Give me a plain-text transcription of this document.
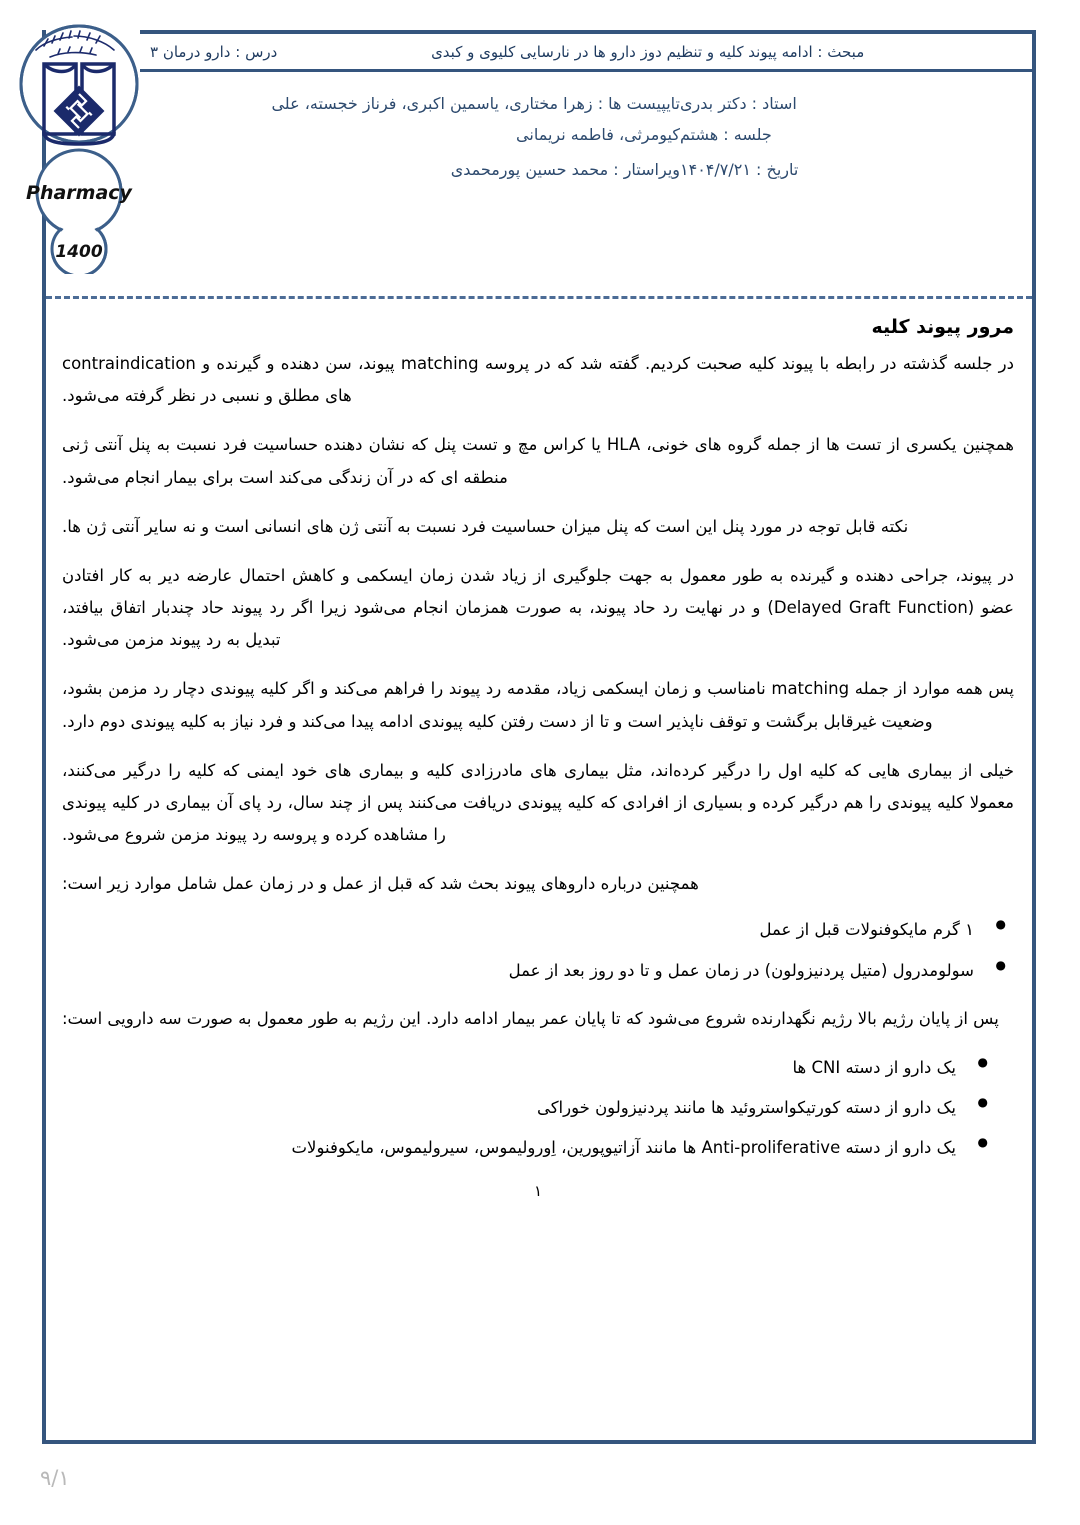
مبحث : ادامه پیوند کلیه و تنظیم دوز دارو ها در نارسایی کلیوی و کبدی
درس : دارو درمان ۳
استاد : دکتر بدری
تایپیست ها : زهرا مختاری، یاسمین اکبری، فرناز خجسته، علی
جلسه : هشتم
کیومرثی، فاطمه نریمانی
تاریخ : ۱۴۰۴/۷/۲۱
ویراستار : محمد حسین پورمحمدی
Pharmacy
1400
مرور پیوند کلیه

در جلسه گذشته در رابطه با پیوند کلیه صحبت کردیم. گفته شد که در پروسه matching پیوند، سن دهنده و گیرنده و contraindication های مطلق و نسبی در نظر گرفته می‌شود.

همچنین یکسری از تست ها از جمله گروه های خونی، HLA یا کراس مچ و تست پنل که نشان دهنده حساسیت فرد نسبت به پنل آنتی ژنی منطقه ای که در آن زندگی می‌کند است برای بیمار انجام می‌شود.

نکته قابل توجه در مورد پنل این است که پنل میزان حساسیت فرد نسبت به آنتی ژن های انسانی است و نه سایر آنتی ژن ها.

در پیوند، جراحی دهنده و گیرنده به طور معمول به جهت جلوگیری از زیاد شدن زمان ایسکمی و کاهش احتمال عارضه دیر به کار افتادن عضو (Delayed Graft Function) و در نهایت رد حاد پیوند، به صورت همزمان انجام می‌شود زیرا اگر رد پیوند حاد چندبار اتفاق بیافتد، تبدیل به رد پیوند مزمن می‌شود.

پس همه موارد از جمله matching نامناسب و زمان ایسکمی زیاد، مقدمه رد پیوند را فراهم می‌کند و اگر کلیه پیوندی دچار رد مزمن بشود، وضعیت غیرقابل برگشت و توقف ناپذیر است و تا از دست رفتن کلیه پیوندی ادامه پیدا می‌کند و فرد نیاز به کلیه پیوندی دوم دارد.

خیلی از بیماری هایی که کلیه اول را درگیر کرده‌اند، مثل بیماری های مادرزادی کلیه و بیماری های خود ایمنی که کلیه را درگیر می‌کنند، معمولا کلیه پیوندی را هم درگیر کرده و بسیاری از افرادی که کلیه پیوندی دریافت می‌کنند پس از چند سال، رد پای آن بیماری در کلیه پیوندی را مشاهده کرده و پروسه رد پیوند مزمن شروع می‌شود.

همچنین درباره داروهای پیوند بحث شد که قبل از عمل و در زمان عمل شامل موارد زیر است:

● ۱ گرم مایکوفنولات قبل از عمل
● سولومدرول (متیل پردنیزولون) در زمان عمل و تا دو روز بعد از عمل

پس از پایان رژیم بالا رژیم نگهدارنده شروع می‌شود که تا پایان عمر بیمار ادامه دارد. این رژیم به طور معمول به صورت سه دارویی است:

● یک دارو از دسته CNI ها
● یک دارو از دسته کورتیکواستروئید ها مانند پردنیزولون خوراکی
● یک دارو از دسته Anti-proliferative ها مانند آزاتیوپورین، اِورولیموس، سیرولیموس، مایکوفنولات
۱
۹/۱
